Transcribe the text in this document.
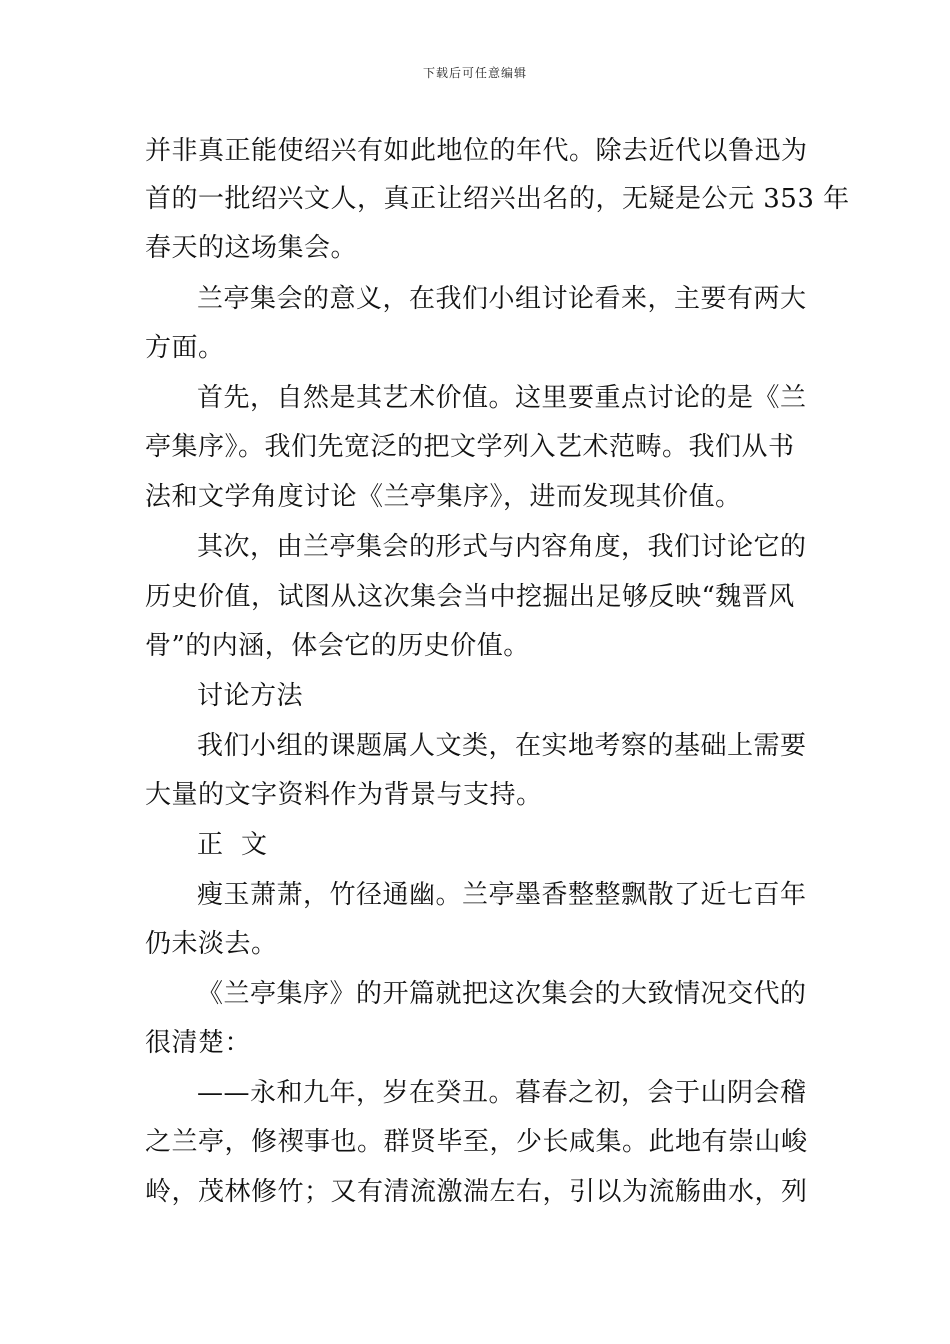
下载后可任意编辑
并非真正能使绍兴有如此地位的年代。除去近代以鲁迅为
首的一批绍兴文人，真正让绍兴出名的，无疑是公元 353 年
春天的这场集会。
兰亭集会的意义，在我们小组讨论看来，主要有两大
方面。
首先，自然是其艺术价值。这里要重点讨论的是《兰
亭集序》。我们先宽泛的把文学列入艺术范畴。我们从书
法和文学角度讨论《兰亭集序》，进而发现其价值。
其次，由兰亭集会的形式与内容角度，我们讨论它的
历史价值，试图从这次集会当中挖掘出足够反映“魏晋风
骨”的内涵，体会它的历史价值。
讨论方法
我们小组的课题属人文类，在实地考察的基础上需要
大量的文字资料作为背景与支持。
正  文
瘦玉萧萧，竹径通幽。兰亭墨香整整飘散了近七百年
仍未淡去。
《兰亭集序》的开篇就把这次集会的大致情况交代的
很清楚：
——永和九年，岁在癸丑。暮春之初，会于山阴会稽
之兰亭，修禊事也。群贤毕至，少长咸集。此地有崇山峻
岭，茂林修竹；又有清流激湍左右，引以为流觞曲水，列
